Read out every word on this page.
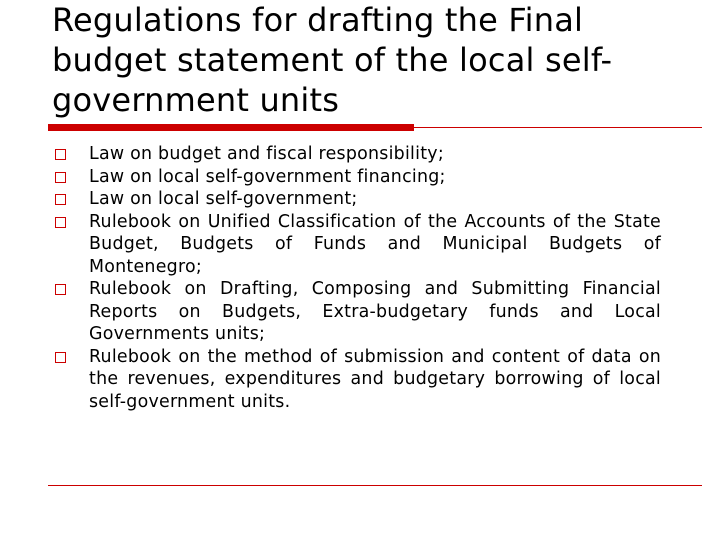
Regulations for drafting the Final budget statement of the local self-government units
Law on budget and fiscal responsibility;
Law on local self-government financing;
Law on local self-government;
Rulebook on Unified Classification of the Accounts of the State Budget, Budgets of Funds and Municipal Budgets of Montenegro;
Rulebook on Drafting, Composing and Submitting Financial Reports on Budgets, Extra-budgetary funds and Local Governments units;
Rulebook on the method of submission and content of data on the revenues, expenditures and budgetary borrowing of local self-government units.
